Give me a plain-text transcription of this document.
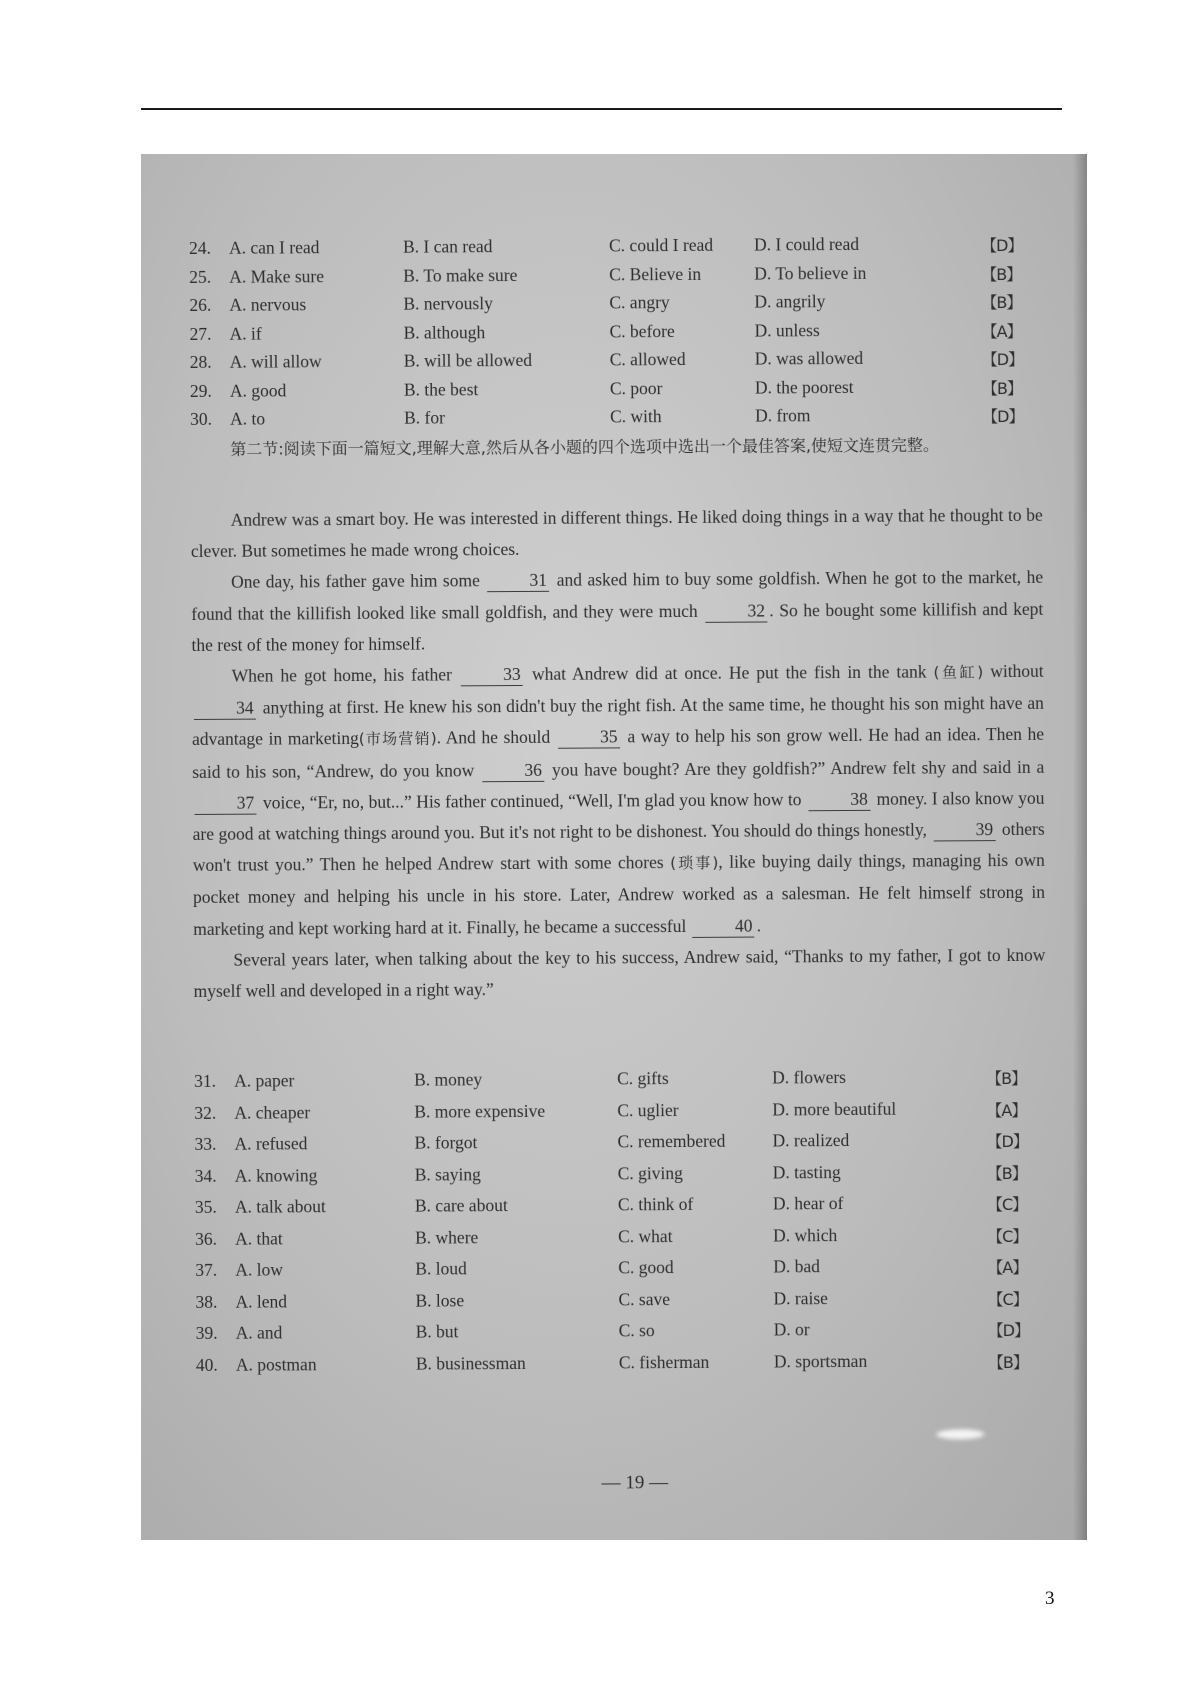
24. A. can I read	B. I can read	C. could I read D. I could read	【D】
25. A. Make sure	B. To make sure	C. Believe in	D. To believe in	【B】
26. A. nervous	B. nervously	C. angry	D. angrily	【B】
27. A. if	B. although	C. before	D. unless	【A】
28. A. will allow	B. will be allowed	C. allowed	D. was allowed	【D】
29. A. good	B. the best	C. poor	D. the poorest	【B】
30. A. to	B. for	C. with	D. from	【D】
第二节:阅读下面一篇短文,理解大意,然后从各小题的四个选项中选出一个最佳答案,使短文连贯完整。

Andrew was a smart boy. He was interested in different things. He liked doing things in a way that he thought to be clever. But sometimes he made wrong choices.

One day, his father gave him some	31 and asked him to buy some goldfish. When he got to the market, he found that the killifish looked like small goldfish, and they were much	32 . So he bought some killifish and kept the rest of the money for himself.

When he got home, his father	33 what Andrew did at once. He put the fish in the tank (鱼缸) without 34 anything at first. He knew his son didn't buy the right fish. At the same time, he thought his son might have an advantage in marketing(市场营销). And he should	35 a way to help his son grow well. He had an idea. Then he said to his son, “Andrew, do you know	36 you have bought? Are they goldfish?” Andrew felt shy and said in a 37 voice, “Er, no, but...” His father continued, “Well, I'm glad you know how to	38 money. I also know you are good at watching things around you. But it's not right to be dishonest. You should do things honestly,	39 others won't trust you.” Then he helped Andrew start with some chores (琐事), like buying daily things, managing his own pocket money and helping his uncle in his store. Later, Andrew worked as a salesman. He felt himself strong in marketing and kept working hard at it. Finally, he became a successful	40 .

Several years later, when talking about the key to his success, Andrew said, “Thanks to my father, I got to know myself well and developed in a right way.”

31. A. paper	B. money	C. gifts	D. flowers	【B】
32. A. cheaper	B. more expensive	C. uglier	D. more beautiful	【A】
33. A. refused	B. forgot	C. remembered	D. realized	【D】
34. A. knowing	B. saying	C. giving	D. tasting	【B】
35. A. talk about	B. care about	C. think of	D. hear of	【C】
36. A. that	B. where	C. what	D. which	【C】
37. A. low	B. loud	C. good	D. bad	【A】
38. A. lend	B. lose	C. save	D. raise	【C】
39. A. and	B. but	C. so	D. or	【D】
40. A. postman	B. businessman	C. fisherman	D. sportsman	【B】
— 19 —
3
